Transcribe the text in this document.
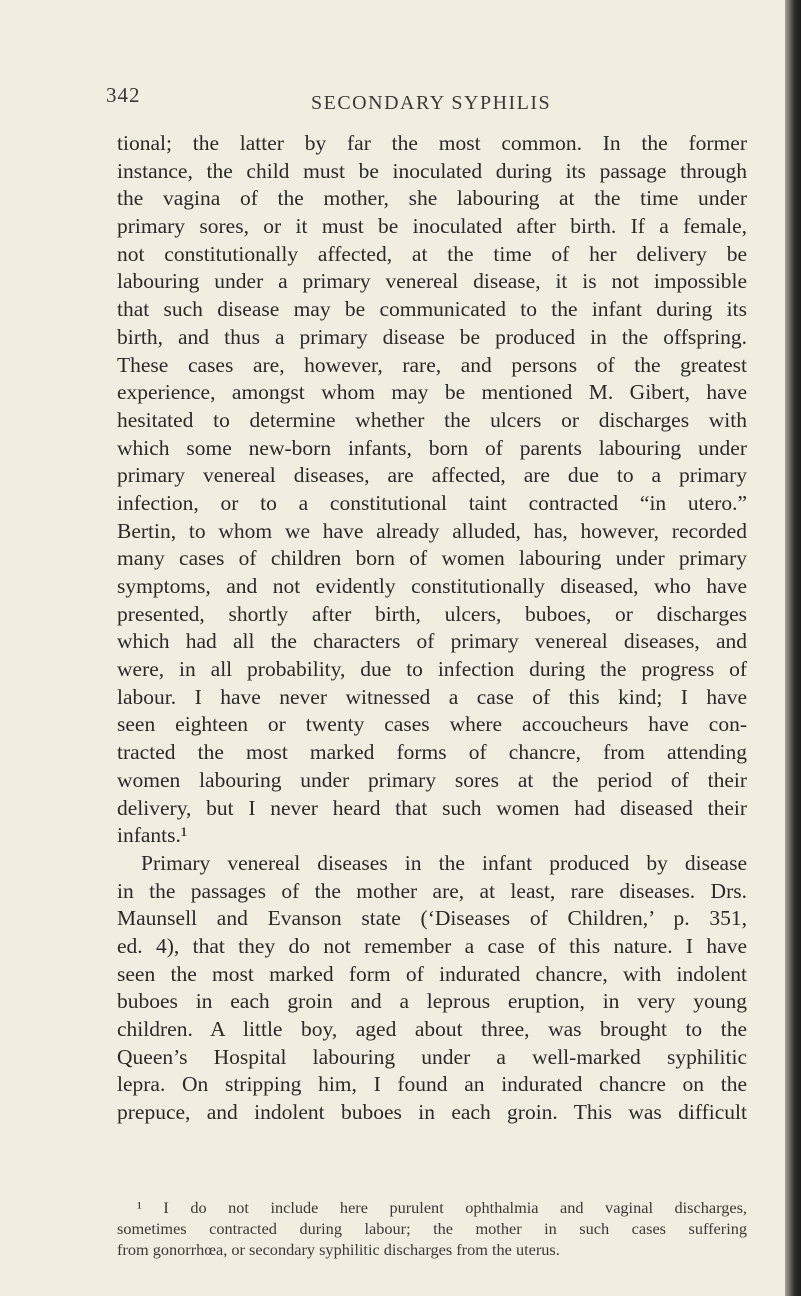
342	SECONDARY SYPHILIS
tional; the latter by far the most common. In the former
instance, the child must be inoculated during its passage through
the vagina of the mother, she labouring at the time under
primary sores, or it must be inoculated after birth. If a female,
not constitutionally affected, at the time of her delivery be
labouring under a primary venereal disease, it is not impossible
that such disease may be communicated to the infant during its
birth, and thus a primary disease be produced in the offspring.
These cases are, however, rare, and persons of the greatest
experience, amongst whom may be mentioned M. Gibert, have
hesitated to determine whether the ulcers or discharges with
which some new-born infants, born of parents labouring under
primary venereal diseases, are affected, are due to a primary
infection, or to a constitutional taint contracted “in utero.”
Bertin, to whom we have already alluded, has, however, recorded
many cases of children born of women labouring under primary
symptoms, and not evidently constitutionally diseased, who have
presented, shortly after birth, ulcers, buboes, or discharges
which had all the characters of primary venereal diseases, and
were, in all probability, due to infection during the progress of
labour. I have never witnessed a case of this kind; I have
seen eighteen or twenty cases where accoucheurs have con-
tracted the most marked forms of chancre, from attending
women labouring under primary sores at the period of their
delivery, but I never heard that such women had diseased their
infants.¹
Primary venereal diseases in the infant produced by disease
in the passages of the mother are, at least, rare diseases. Drs.
Maunsell and Evanson state (‘Diseases of Children,’ p. 351,
ed. 4), that they do not remember a case of this nature. I have
seen the most marked form of indurated chancre, with indolent
buboes in each groin and a leprous eruption, in very young
children. A little boy, aged about three, was brought to the
Queen’s Hospital labouring under a well-marked syphilitic
lepra. On stripping him, I found an indurated chancre on the
prepuce, and indolent buboes in each groin. This was difficult
¹ I do not include here purulent ophthalmia and vaginal discharges,
sometimes contracted during labour; the mother in such cases suffering
from gonorrhœa, or secondary syphilitic discharges from the uterus.
